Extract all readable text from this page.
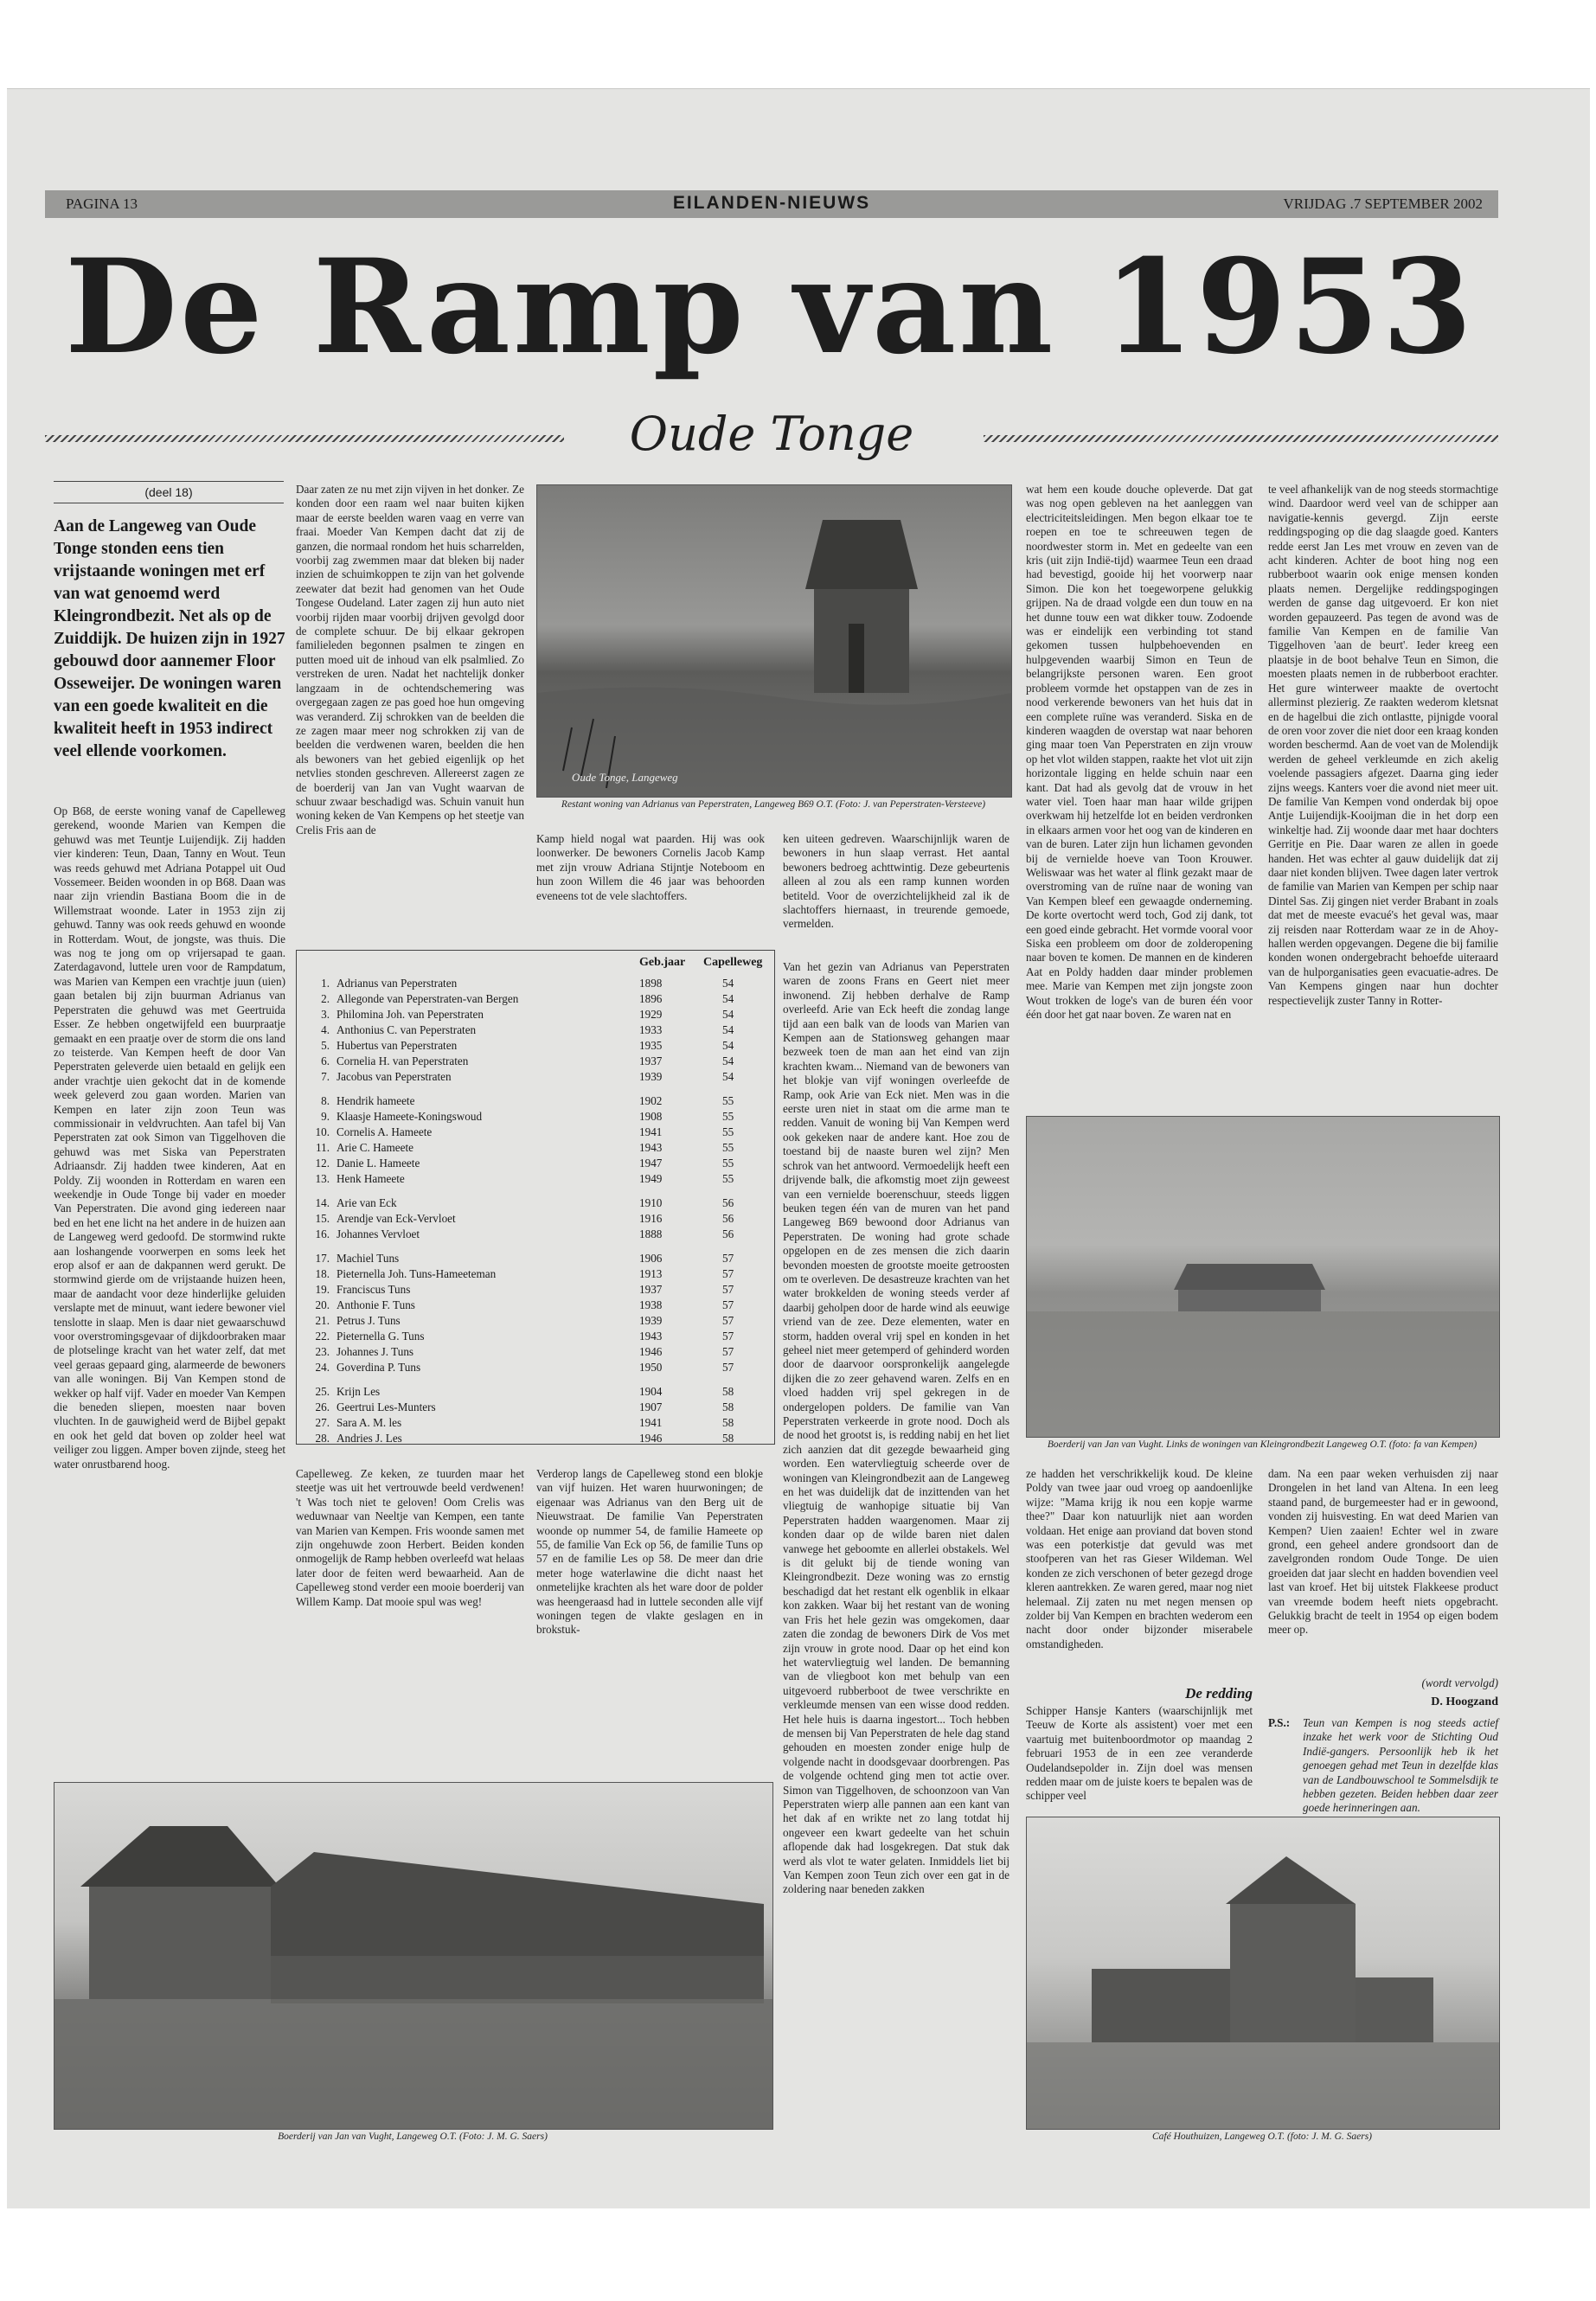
PAGINA 13	EILANDEN-NIEUWS	VRIJDAG .7 SEPTEMBER 2002
De Ramp van 1953
Oude Tonge
(deel 18)
Aan de Langeweg van Oude Tonge stonden eens tien vrijstaande woningen met erf van wat genoemd werd Kleingrondbezit. Net als op de Zuiddijk. De huizen zijn in 1927 gebouwd door aannemer Floor Osseweijer. De woningen waren van een goede kwaliteit en die kwaliteit heeft in 1953 indirect veel ellende voorkomen.
Op B68, de eerste woning vanaf de Capelleweg gerekend, woonde Marien van Kempen die gehuwd was met Teuntje Luijendijk. Zij hadden vier kinderen: Teun, Daan, Tanny en Wout. Teun was reeds gehuwd met Adriana Potappel uit Oud Vossemeer. Beiden woonden in op B68. Daan was naar zijn vriendin Bastiana Boom die in de Willemstraat woonde. Later in 1953 zijn zij gehuwd. Tanny was ook reeds gehuwd en woonde in Rotterdam. Wout, de jongste, was thuis. Die was nog te jong om op vrijersapad te gaan. Zaterdagavond, luttele uren voor de Rampdatum, was Marien van Kempen een vrachtje juun (uien) gaan betalen bij zijn buurman Adrianus van Peperstraten die gehuwd was met Geertruida Esser. Ze hebben ongetwijfeld een buurpraatje gemaakt en een praatje over de storm die ons land zo teisterde. Van Kempen heeft de door Van Peperstraten geleverde uien betaald en gelijk een ander vrachtje uien gekocht dat in de komende week geleverd zou gaan worden. Marien van Kempen en later zijn zoon Teun was commissionair in veldvruchten. Aan tafel bij Van Peperstraten zat ook Simon van Tiggelhoven die gehuwd was met Siska van Peperstraten Adriaansdr. Zij hadden twee kinderen, Aat en Poldy. Zij woonden in Rotterdam en waren een weekendje in Oude Tonge bij vader en moeder Van Peperstraten. Die avond ging iedereen naar bed en het ene licht na het andere in de huizen aan de Langeweg werd gedoofd. De stormwind rukte aan loshangende voorwerpen en soms leek het erop alsof er aan de dakpannen werd gerukt. De stormwind gierde om de vrijstaande huizen heen, maar de aandacht voor deze hinderlijke geluiden verslapte met de minuut, want iedere bewoner viel tenslotte in slaap. Men is daar niet gewaarschuwd voor overstromingsgevaar of dijkdoorbraken maar de plotselinge kracht van het water zelf, dat met veel geraas gepaard ging, alarmeerde de bewoners van alle woningen. Bij Van Kempen stond de wekker op half vijf. Vader en moeder Van Kempen die beneden sliepen, moesten naar boven vluchten. In de gauwigheid werd de Bijbel gepakt en ook het geld dat boven op zolder heel wat veiliger zou liggen. Amper boven zijnde, steeg het water onrustbarend hoog.
Daar zaten ze nu met zijn vijven in het donker. Ze konden door een raam wel naar buiten kijken maar de eerste beelden waren vaag en verre van fraai. Moeder Van Kempen dacht dat zij de ganzen, die normaal rondom het huis scharrelden, voorbij zag zwemmen maar dat bleken bij nader inzien de schuimkoppen te zijn van het golvende zeewater dat bezit had genomen van het Oude Tongese Oudeland. Later zagen zij hun auto niet voorbij rijden maar voorbij drijven gevolgd door de complete schuur. De bij elkaar gekropen familieleden begonnen psalmen te zingen en putten moed uit de inhoud van elk psalmlied. Zo verstreken de uren. Nadat het nachtelijk donker langzaam in de ochtendschemering was overgegaan zagen ze pas goed hoe hun omgeving was veranderd. Zij schrokken van de beelden die ze zagen maar meer nog schrokken zij van de beelden die verdwenen waren, beelden die hen als bewoners van het gebied eigenlijk op het netvlies stonden geschreven. Allereerst zagen ze de boerderij van Jan van Vught waarvan de schuur zwaar beschadigd was. Schuin vanuit hun woning keken de Van Kempens op het steetje van Crelis Fris aan de
Oude Tonge, Langeweg
Restant woning van Adrianus van Peperstraten, Langeweg B69 O.T. (Foto: J. van Peperstraten-Versteeve)
Kamp hield nogal wat paarden. Hij was ook loonwerker. De bewoners Cornelis Jacob Kamp met zijn vrouw Adriana Stijntje Noteboom en hun zoon Willem die 46 jaar was behoorden eveneens tot de vele slachtoffers.
ken uiteen gedreven. Waarschijnlijk waren de bewoners in hun slaap verrast. Het aantal bewoners bedroeg achttwintig. Deze gebeurtenis alleen al zou als een ramp kunnen worden betiteld. Voor de overzichtelijkheid zal ik de slachtoffers hiernaast, in treurende gemoede, vermelden.
Geb.jaar Capelleweg
1. Adrianus van Peperstraten	1898	54
2. Allegonde van Peperstraten-van Bergen	1896	54
3. Philomina Joh. van Peperstraten	1929	54
4. Anthonius C. van Peperstraten	1933	54
5. Hubertus van Peperstraten	1935	54
6. Cornelia H. van Peperstraten	1937	54
7. Jacobus van Peperstraten	1939	54
8. Hendrik hameete	1902	55
9. Klaasje Hameete-Koningswoud	1908	55
10. Cornelis A. Hameete	1941	55
11. Arie C. Hameete	1943	55
12. Danie L. Hameete	1947	55
13. Henk Hameete	1949	55
14. Arie van Eck	1910	56
15. Arendje van Eck-Vervloet	1916	56
16. Johannes Vervloet	1888	56
17. Machiel Tuns	1906	57
18. Pieternella Joh. Tuns-Hameeteman	1913	57
19. Franciscus Tuns	1937	57
20. Anthonie F. Tuns	1938	57
21. Petrus J. Tuns	1939	57
22. Pieternella G. Tuns	1943	57
23. Johannes J. Tuns	1946	57
24. Goverdina P. Tuns	1950	57
25. Krijn Les	1904	58
26. Geertrui Les-Munters	1907	58
27. Sara A. M. les	1941	58
28. Andries J. Les	1946	58
Capelleweg. Ze keken, ze tuurden maar het steetje was uit het vertrouwde beeld verdwenen! 't Was toch niet te geloven! Oom Crelis was weduwnaar van Neeltje van Kempen, een tante van Marien van Kempen. Fris woonde samen met zijn ongehuwde zoon Herbert. Beiden konden onmogelijk de Ramp hebben overleefd wat helaas later door de feiten werd bewaarheid. Aan de Capelleweg stond verder een mooie boerderij van Willem Kamp. Dat mooie spul was weg!
Verderop langs de Capelleweg stond een blokje van vijf huizen. Het waren huurwoningen; de eigenaar was Adrianus van den Berg uit de Nieuwstraat. De familie Van Peperstraten woonde op nummer 54, de familie Hameete op 55, de familie Van Eck op 56, de familie Tuns op 57 en de familie Les op 58. De meer dan drie meter hoge waterlawine die dicht naast het onmetelijke krachten als het ware door de polder was heengeraasd had in luttele seconden alle vijf woningen tegen de vlakte geslagen en in brokstuk-
Van het gezin van Adrianus van Peperstraten waren de zoons Frans en Geert niet meer inwonend. Zij hebben derhalve de Ramp overleefd. Arie van Eck heeft die zondag lange tijd aan een balk van de loods van Marien van Kempen aan de Stationsweg gehangen maar bezweek toen de man aan het eind van zijn krachten kwam... Niemand van de bewoners van het blokje van vijf woningen overleefde de Ramp, ook Arie van Eck niet. Men was in die eerste uren niet in staat om die arme man te redden. Vanuit de woning bij Van Kempen werd ook gekeken naar de andere kant. Hoe zou de toestand bij de naaste buren wel zijn? Men schrok van het antwoord. Vermoedelijk heeft een drijvende balk, die afkomstig moet zijn geweest van een vernielde boerenschuur, steeds liggen beuken tegen één van de muren van het pand Langeweg B69 bewoond door Adrianus van Peperstraten. De woning had grote schade opgelopen en de zes mensen die zich daarin bevonden moesten de grootste moeite getroosten om te overleven. De desastreuze krachten van het water brokkelden de woning steeds verder af daarbij geholpen door de harde wind als eeuwige vriend van de zee. Deze elementen, water en storm, hadden overal vrij spel en konden in het geheel niet meer getemperd of gehinderd worden door de daarvoor oorspronkelijk aangelegde dijken die zo zeer gehavend waren. Zelfs en en vloed hadden vrij spel gekregen in de ondergelopen polders. De familie van Van Peperstraten verkeerde in grote nood. Doch als de nood het grootst is, is redding nabij en het liet zich aanzien dat dit gezegde bewaarheid ging worden. Een watervliegtuig scheerde over de woningen van Kleingrondbezit aan de Langeweg en het was duidelijk dat de inzittenden van het vliegtuig de wanhopige situatie bij Van Peperstraten hadden waargenomen. Maar zij konden daar op de wilde baren niet dalen vanwege het geboomte en allerlei obstakels. Wel is dit gelukt bij de tiende woning van Kleingrondbezit. Deze woning was zo ernstig beschadigd dat het restant elk ogenblik in elkaar kon zakken. Waar bij het restant van de woning van Fris het hele gezin was omgekomen, daar zaten die zondag de bewoners Dirk de Vos met zijn vrouw in grote nood. Daar op het eind kon het watervliegtuig wel landen. De bemanning van de vliegboot kon met behulp van een uitgevoerd rubberboot de twee verschrikte en verkleumde mensen van een wisse dood redden. Het hele huis is daarna ingestort... Toch hebben de mensen bij Van Peperstraten de hele dag stand gehouden en moesten zonder enige hulp de volgende nacht in doodsgevaar doorbrengen. Pas de volgende ochtend ging men tot actie over. Simon van Tiggelhoven, de schoonzoon van Van Peperstraten wierp alle pannen aan een kant van het dak af en wrikte net zo lang totdat hij ongeveer een kwart gedeelte van het schuin aflopende dak had losgekregen. Dat stuk dak werd als vlot te water gelaten. Inmiddels liet bij Van Kempen zoon Teun zich over een gat in de zoldering naar beneden zakken
wat hem een koude douche opleverde. Dat gat was nog open gebleven na het aanleggen van electriciteitsleidingen. Men begon elkaar toe te roepen en toe te schreeuwen tegen de noordwester storm in. Met en gedeelte van een kris (uit zijn Indië-tijd) waarmee Teun een draad had bevestigd, gooide hij het voorwerp naar Simon. Die kon het toegeworpene gelukkig grijpen. Na de draad volgde een dun touw en na het dunne touw een wat dikker touw. Zodoende was er eindelijk een verbinding tot stand gekomen tussen hulpbehoevenden en hulpgevenden waarbij Simon en Teun de belangrijkste personen waren. Een groot probleem vormde het opstappen van de zes in nood verkerende bewoners van het huis dat in een complete ruïne was veranderd. Siska en de kinderen waagden de overstap wat naar behoren ging maar toen Van Peperstraten en zijn vrouw op het vlot wilden stappen, raakte het vlot uit zijn horizontale ligging en helde schuin naar een kant. Dat had als gevolg dat de vrouw in het water viel. Toen haar man haar wilde grijpen overkwam hij hetzelfde lot en beiden verdronken in elkaars armen voor het oog van de kinderen en van de buren. Later zijn hun lichamen gevonden bij de vernielde hoeve van Toon Krouwer. Weliswaar was het water al flink gezakt maar de overstroming van de ruïne naar de woning van Van Kempen bleef een gewaagde onderneming. De korte overtocht werd toch, God zij dank, tot een goed einde gebracht. Het vormde vooral voor Siska een probleem om door de zolderopening naar boven te komen. De mannen en de kinderen Aat en Poldy hadden daar minder problemen mee. Marie van Kempen met zijn jongste zoon Wout trokken de loge's van de buren één voor één door het gat naar boven. Ze waren nat en
te veel afhankelijk van de nog steeds stormachtige wind. Daardoor werd veel van de schipper aan navigatie-kennis gevergd. Zijn eerste reddingspoging op die dag slaagde goed. Kanters redde eerst Jan Les met vrouw en zeven van de acht kinderen. Achter de boot hing nog een rubberboot waarin ook enige mensen konden plaats nemen. Dergelijke reddingspogingen werden de ganse dag uitgevoerd. Er kon niet worden gepauzeerd. Pas tegen de avond was de familie Van Kempen en de familie Van Tiggelhoven 'aan de beurt'. Ieder kreeg een plaatsje in de boot behalve Teun en Simon, die moesten plaats nemen in de rubberboot erachter. Het gure winterweer maakte de overtocht allerminst plezierig. Ze raakten wederom kletsnat en de hagelbui die zich ontlastte, pijnigde vooral de oren voor zover die niet door een kraag konden worden beschermd. Aan de voet van de Molendijk werden de geheel verkleumde en zich akelig voelende passagiers afgezet. Daarna ging ieder zijns weegs. Kanters voer die avond niet meer uit. De familie Van Kempen vond onderdak bij opoe Antje Luijendijk-Kooijman die in het dorp een winkeltje had. Zij woonde daar met haar dochters Gerritje en Pie. Daar waren ze allen in goede handen. Het was echter al gauw duidelijk dat zij daar niet konden blijven. Twee dagen later vertrok de familie van Marien van Kempen per schip naar Dintel Sas. Zij gingen niet verder Brabant in zoals dat met de meeste evacué's het geval was, maar zij reisden naar Rotterdam waar ze in de Ahoy-hallen werden opgevangen. Degene die bij familie konden wonen ondergebracht behoefde uiteraard van de hulporganisaties geen evacuatie-adres. De Van Kempens gingen naar hun dochter respectievelijk zuster Tanny in Rotter-
Boerderij van Jan van Vught. Links de woningen van Kleingrondbezit Langeweg O.T. (foto: fa van Kempen)
ze hadden het verschrikkelijk koud. De kleine Poldy van twee jaar oud vroeg op aandoenlijke wijze: "Mama krijg ik nou een kopje warme thee?" Daar kon natuurlijk niet aan worden voldaan. Het enige aan proviand dat boven stond was een poterkistje dat gevuld was met stoofperen van het ras Gieser Wildeman. Wel konden ze zich verschonen of beter gezegd droge kleren aantrekken. Ze waren gered, maar nog niet helemaal. Zij zaten nu met negen mensen op zolder bij Van Kempen en brachten wederom een nacht door onder bijzonder miserabele omstandigheden.
De redding
Schipper Hansje Kanters (waarschijnlijk met Teeuw de Korte als assistent) voer met een vaartuig met buitenboordmotor op maandag 2 februari 1953 de in een zee veranderde Oudelandsepolder in. Zijn doel was mensen redden maar om de juiste koers te bepalen was de schipper veel
dam. Na een paar weken verhuisden zij naar Drongelen in het land van Altena. In een leeg staand pand, de burgemeester had er in gewoond, vonden zij huisvesting. En wat deed Marien van Kempen? Uien zaaien! Echter wel in zware grond, een geheel andere grondsoort dan de zavelgronden rondom Oude Tonge. De uien groeiden dat jaar slecht en hadden bovendien veel last van kroef. Het bij uitstek Flakkeese product van vreemde bodem heeft niets opgebracht. Gelukkig bracht de teelt in 1954 op eigen bodem meer op.
(wordt vervolgd)
D. Hoogzand
P.S.: Teun van Kempen is nog steeds actief inzake het werk voor de Stichting Oud Indië-gangers. Persoonlijk heb ik het genoegen gehad met Teun in dezelfde klas van de Landbouwschool te Sommelsdijk te hebben gezeten. Beiden hebben daar zeer goede herinneringen aan.
Boerderij van Jan van Vught, Langeweg O.T. (Foto: J. M. G. Saers)	Café Houthuizen, Langeweg O.T. (foto: J. M. G. Saers)
